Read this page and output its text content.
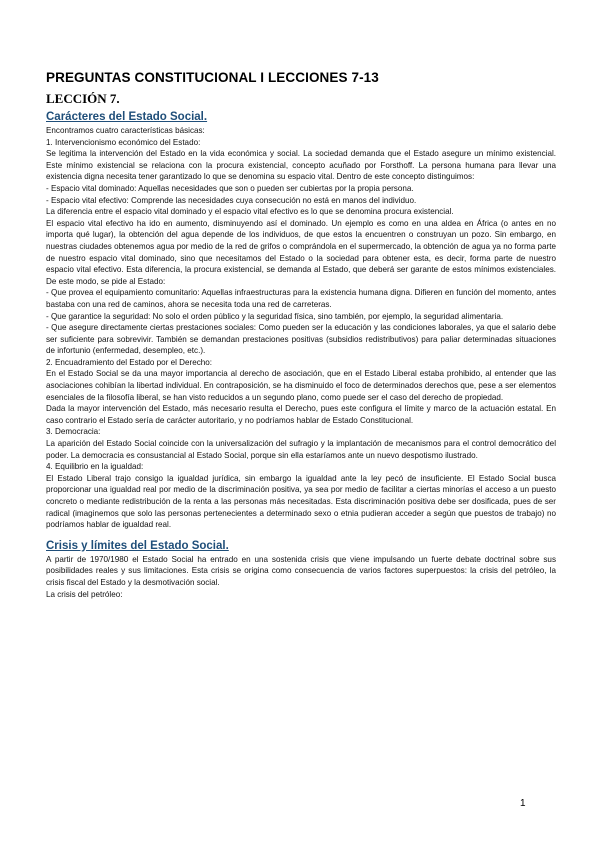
PREGUNTAS CONSTITUCIONAL I LECCIONES 7-13
LECCIÓN 7.
Carácteres del Estado Social.

Encontramos cuatro características básicas:

1. Intervencionismo económico del Estado:

Se legitima la intervención del Estado en la vida económica y social. La sociedad demanda que el Estado asegure un mínimo existencial. Este mínimo existencial se relaciona con la procura existencial, concepto acuñado por Forsthoff. La persona humana para llevar una existencia digna necesita tener garantizado lo que se denomina su espacio vital. Dentro de este concepto distinguimos:

- Espacio vital dominado: Aquellas necesidades que son o pueden ser cubiertas por la propia persona.

- Espacio vital efectivo: Comprende las necesidades cuya consecución no está en manos del individuo.

La diferencia entre el espacio vital dominado y el espacio vital efectivo es lo que se denomina procura existencial.

El espacio vital efectivo ha ido en aumento, disminuyendo así el dominado. Un ejemplo es como en una aldea en África (o antes en no importa qué lugar), la obtención del agua depende de los individuos, de que estos la encuentren o construyan un pozo. Sin embargo, en nuestras ciudades obtenemos agua por medio de la red de grifos o comprándola en el supermercado, la obtención de agua ya no forma parte de nuestro espacio vital dominado, sino que necesitamos del Estado o la sociedad para obtener esta, es decir, forma parte de nuestro espacio vital efectivo. Esta diferencia, la procura existencial, se demanda al Estado, que deberá ser garante de estos mínimos existenciales. De este modo, se pide al Estado:

- Que provea el equipamiento comunitario: Aquellas infraestructuras para la existencia humana digna. Difieren en función del momento, antes bastaba con una red de caminos, ahora se necesita toda una red de carreteras.

- Que garantice la seguridad: No solo el orden público y la seguridad física, sino también, por ejemplo, la seguridad alimentaria.

- Que asegure directamente ciertas prestaciones sociales: Como pueden ser la educación y las condiciones laborales, ya que el salario debe ser suficiente para sobrevivir. También se demandan prestaciones positivas (subsidios redistributivos) para paliar determinadas situaciones de infortunio (enfermedad, desempleo, etc.).

2. Encuadramiento del Estado por el Derecho:

En el Estado Social se da una mayor importancia al derecho de asociación, que en el Estado Liberal estaba prohibido, al entender que las asociaciones cohibían la libertad individual. En contraposición, se ha disminuido el foco de determinados derechos que, pese a ser elementos esenciales de la filosofía liberal, se han visto reducidos a un segundo plano, como puede ser el caso del derecho de propiedad.

Dada la mayor intervención del Estado, más necesario resulta el Derecho, pues este configura el límite y marco de la actuación estatal. En caso contrario el Estado sería de carácter autoritario, y no podríamos hablar de Estado Constitucional.

3. Democracia:

La aparición del Estado Social coincide con la universalización del sufragio y la implantación de mecanismos para el control democrático del poder. La democracia es consustancial al Estado Social, porque sin ella estaríamos ante un nuevo despotismo ilustrado.

4. Equilibrio en la igualdad:

El Estado Liberal trajo consigo la igualdad jurídica, sin embargo la igualdad ante la ley pecó de insuficiente. El Estado Social busca proporcionar una igualdad real por medio de la discriminación positiva, ya sea por medio de facilitar a ciertas minorías el acceso a un puesto concreto o mediante redistribución de la renta a las personas más necesitadas. Esta discriminación positiva debe ser dosificada, pues de ser radical (imaginemos que solo las personas pertenecientes a determinado sexo o etnia pudieran acceder a según que puestos de trabajo) no podríamos hablar de igualdad real.

Crisis y límites del Estado Social.

A partir de 1970/1980 el Estado Social ha entrado en una sostenida crisis que viene impulsando un fuerte debate doctrinal sobre sus posibilidades reales y sus limitaciones. Esta crisis se origina como consecuencia de varios factores superpuestos: la crisis del petróleo, la crisis fiscal del Estado y la desmotivación social.

La crisis del petróleo:

1
